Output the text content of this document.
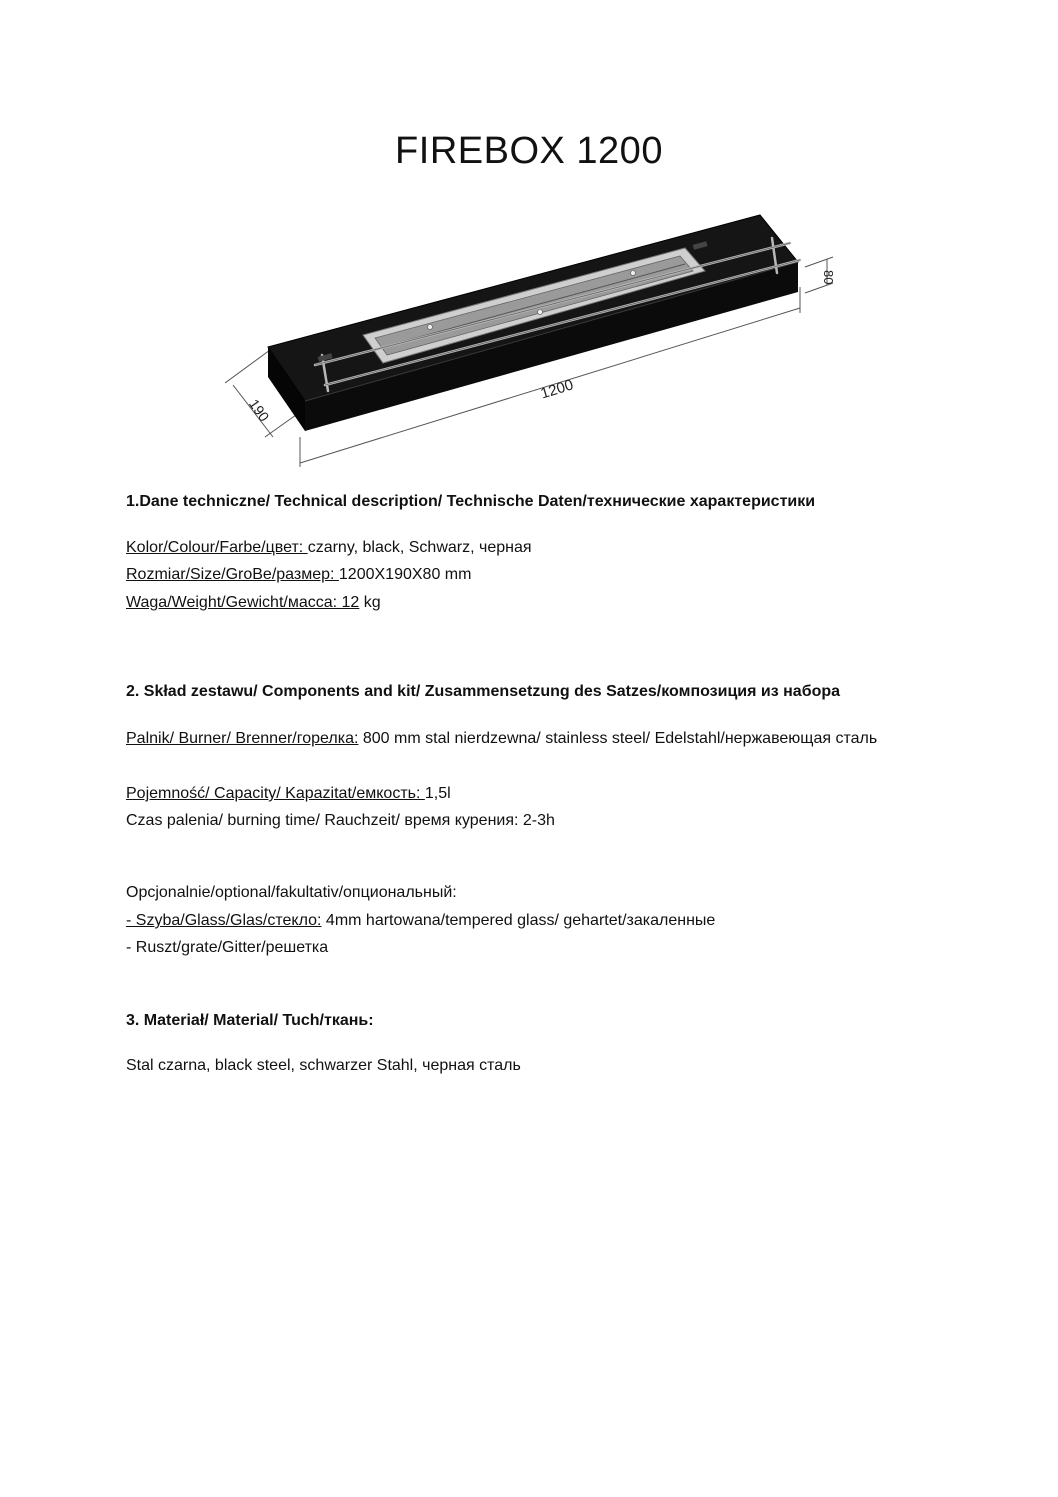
FIREBOX 1200
190
1200
80
1.Dane techniczne/ Technical description/ Technische Daten/технические характеристики
Kolor/Colour/Farbe/цвет: czarny, black, Schwarz, черная
Rozmiar/Size/GroBe/размер: 1200X190X80 mm
Waga/Weight/Gewicht/масса: 12 kg
2. Skład zestawu/ Components and kit/ Zusammensetzung des Satzes/композиция из набора
Palnik/ Burner/ Brenner/горелка: 800 mm stal nierdzewna/ stainless steel/ Edelstahl/нержавеющая сталь
Pojemność/ Capacity/ Kapazitat/емкость: 1,5l
Czas palenia/ burning time/ Rauchzeit/ время курения: 2-3h
Opcjonalnie/optional/fakultativ/опциональный:
- Szyba/Glass/Glas/стекло: 4mm hartowana/tempered glass/ gehartet/закаленные
- Ruszt/grate/Gitter/решетка
3. Materiał/ Material/ Tuch/ткань:
Stal czarna, black steel, schwarzer Stahl, черная сталь
